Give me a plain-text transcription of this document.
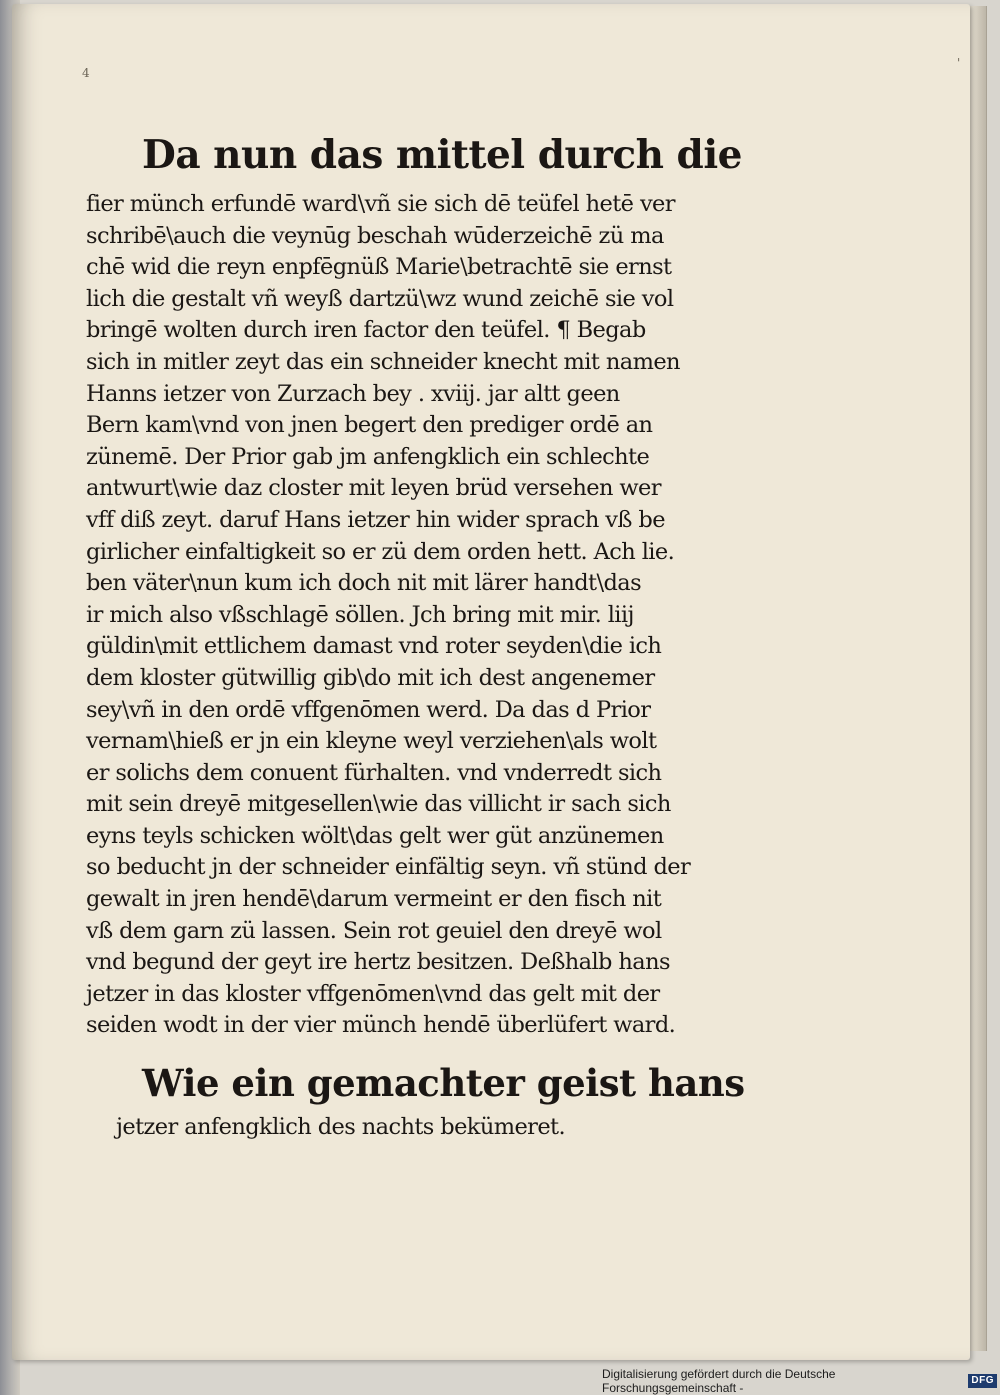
4
'
Da nun das mittel durch die
fier münch erfundē ward\vñ sie sich dē teüfel hetē ver
schribē\auch die veynūg beschah wūderzeichē zü ma
chē wid die reyn enpfēgnüß Marie\betrachtē sie ernst
lich die gestalt vñ weyß dartzü\wz wund zeichē sie vol
bringē wolten durch iren factor den teüfel. ¶ Begab
sich in mitler zeyt das ein schneider knecht mit namen
Hanns ietzer von Zurzach bey . xviij. jar altt geen
Bern kam\vnd von jnen begert den prediger ordē an
zünemē. Der Prior gab jm anfengklich ein schlechte
antwurt\wie daz closter mit leyen brüd versehen wer
vff diß zeyt. daruf Hans ietzer hin wider sprach vß be
girlicher einfaltigkeit so er zü dem orden hett. Ach lie.
ben väter\nun kum ich doch nit mit lärer handt\das
ir mich also vßschlagē söllen. Jch bring mit mir. liij
güldin\mit ettlichem damast vnd roter seyden\die ich
dem kloster gütwillig gib\do mit ich dest angenemer
sey\vñ in den ordē vffgenōmen werd. Da das d Prior
vernam\hieß er jn ein kleyne weyl verziehen\als wolt
er solichs dem conuent fürhalten. vnd vnderredt sich
mit sein dreyē mitgesellen\wie das villicht ir sach sich
eyns teyls schicken wölt\das gelt wer güt anzünemen
so beducht jn der schneider einfältig seyn. vñ stünd der
gewalt in jren hendē\darum vermeint er den fisch nit
vß dem garn zü lassen. Sein rot geuiel den dreyē wol
vnd begund der geyt ire hertz besitzen. Deßhalb hans
jetzer in das kloster vffgenōmen\vnd das gelt mit der
seiden wodt in der vier münch hendē überlüfert ward.
Wie ein gemachter geist hans
jetzer anfengklich des nachts bekümeret.
Digitalisierung gefördert durch die Deutsche Forschungsgemeinschaft -
DFG
